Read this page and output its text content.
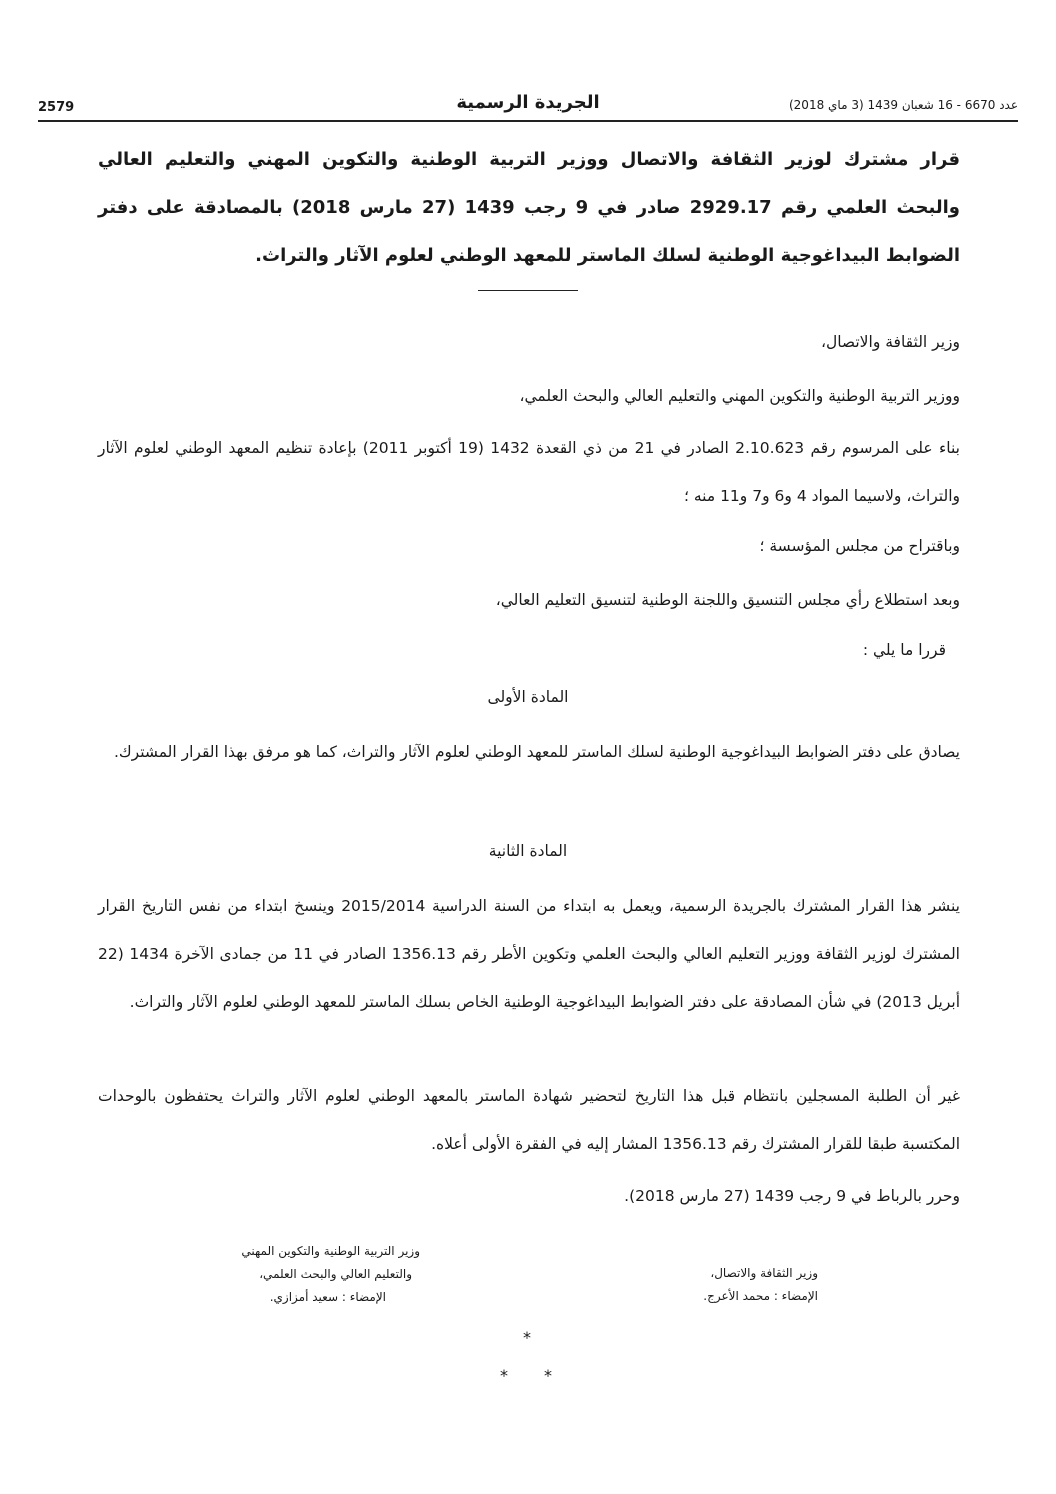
2579	الجريدة الرسمية	عدد 6670 - 16 شعبان 1439 (3 ماي 2018)
قرار مشترك لوزير الثقافة والاتصال ووزير التربية الوطنية والتكوين المهني والتعليم العالي والبحث العلمي رقم 2929.17 صادر في 9 رجب 1439 (27 مارس 2018) بالمصادقة على دفتر الضوابط البيداغوجية الوطنية لسلك الماستر للمعهد الوطني لعلوم الآثار والتراث.
وزير الثقافة والاتصال،
ووزير التربية الوطنية والتكوين المهني والتعليم العالي والبحث العلمي،
بناء على المرسوم رقم 2.10.623 الصادر في 21 من ذي القعدة 1432 (19 أكتوبر 2011) بإعادة تنظيم المعهد الوطني لعلوم الآثار والتراث، ولاسيما المواد 4 و6 و7 و11 منه ؛
وباقتراح من مجلس المؤسسة ؛
وبعد استطلاع رأي مجلس التنسيق واللجنة الوطنية لتنسيق التعليم العالي،
قررا ما يلي :
المادة الأولى
يصادق على دفتر الضوابط البيداغوجية الوطنية لسلك الماستر للمعهد الوطني لعلوم الآثار والتراث، كما هو مرفق بهذا القرار المشترك.
المادة الثانية
ينشر هذا القرار المشترك بالجريدة الرسمية، ويعمل به ابتداء من السنة الدراسية 2015/2014 وينسخ ابتداء من نفس التاريخ القرار المشترك لوزير الثقافة ووزير التعليم العالي والبحث العلمي وتكوين الأطر رقم 1356.13 الصادر في 11 من جمادى الآخرة 1434 (22 أبريل 2013) في شأن المصادقة على دفتر الضوابط البيداغوجية الوطنية الخاص بسلك الماستر للمعهد الوطني لعلوم الآثار والتراث.
غير أن الطلبة المسجلين بانتظام قبل هذا التاريخ لتحضير شهادة الماستر بالمعهد الوطني لعلوم الآثار والتراث يحتفظون بالوحدات المكتسبة طبقا للقرار المشترك رقم 1356.13 المشار إليه في الفقرة الأولى أعلاه.
وحرر بالرباط في 9 رجب 1439 (27 مارس 2018).
وزير التربية الوطنية والتكوين المهني
والتعليم العالي والبحث العلمي،
الإمضاء : سعيد أمزازي.
وزير الثقافة والاتصال،
الإمضاء : محمد الأعرج.
*
* *
